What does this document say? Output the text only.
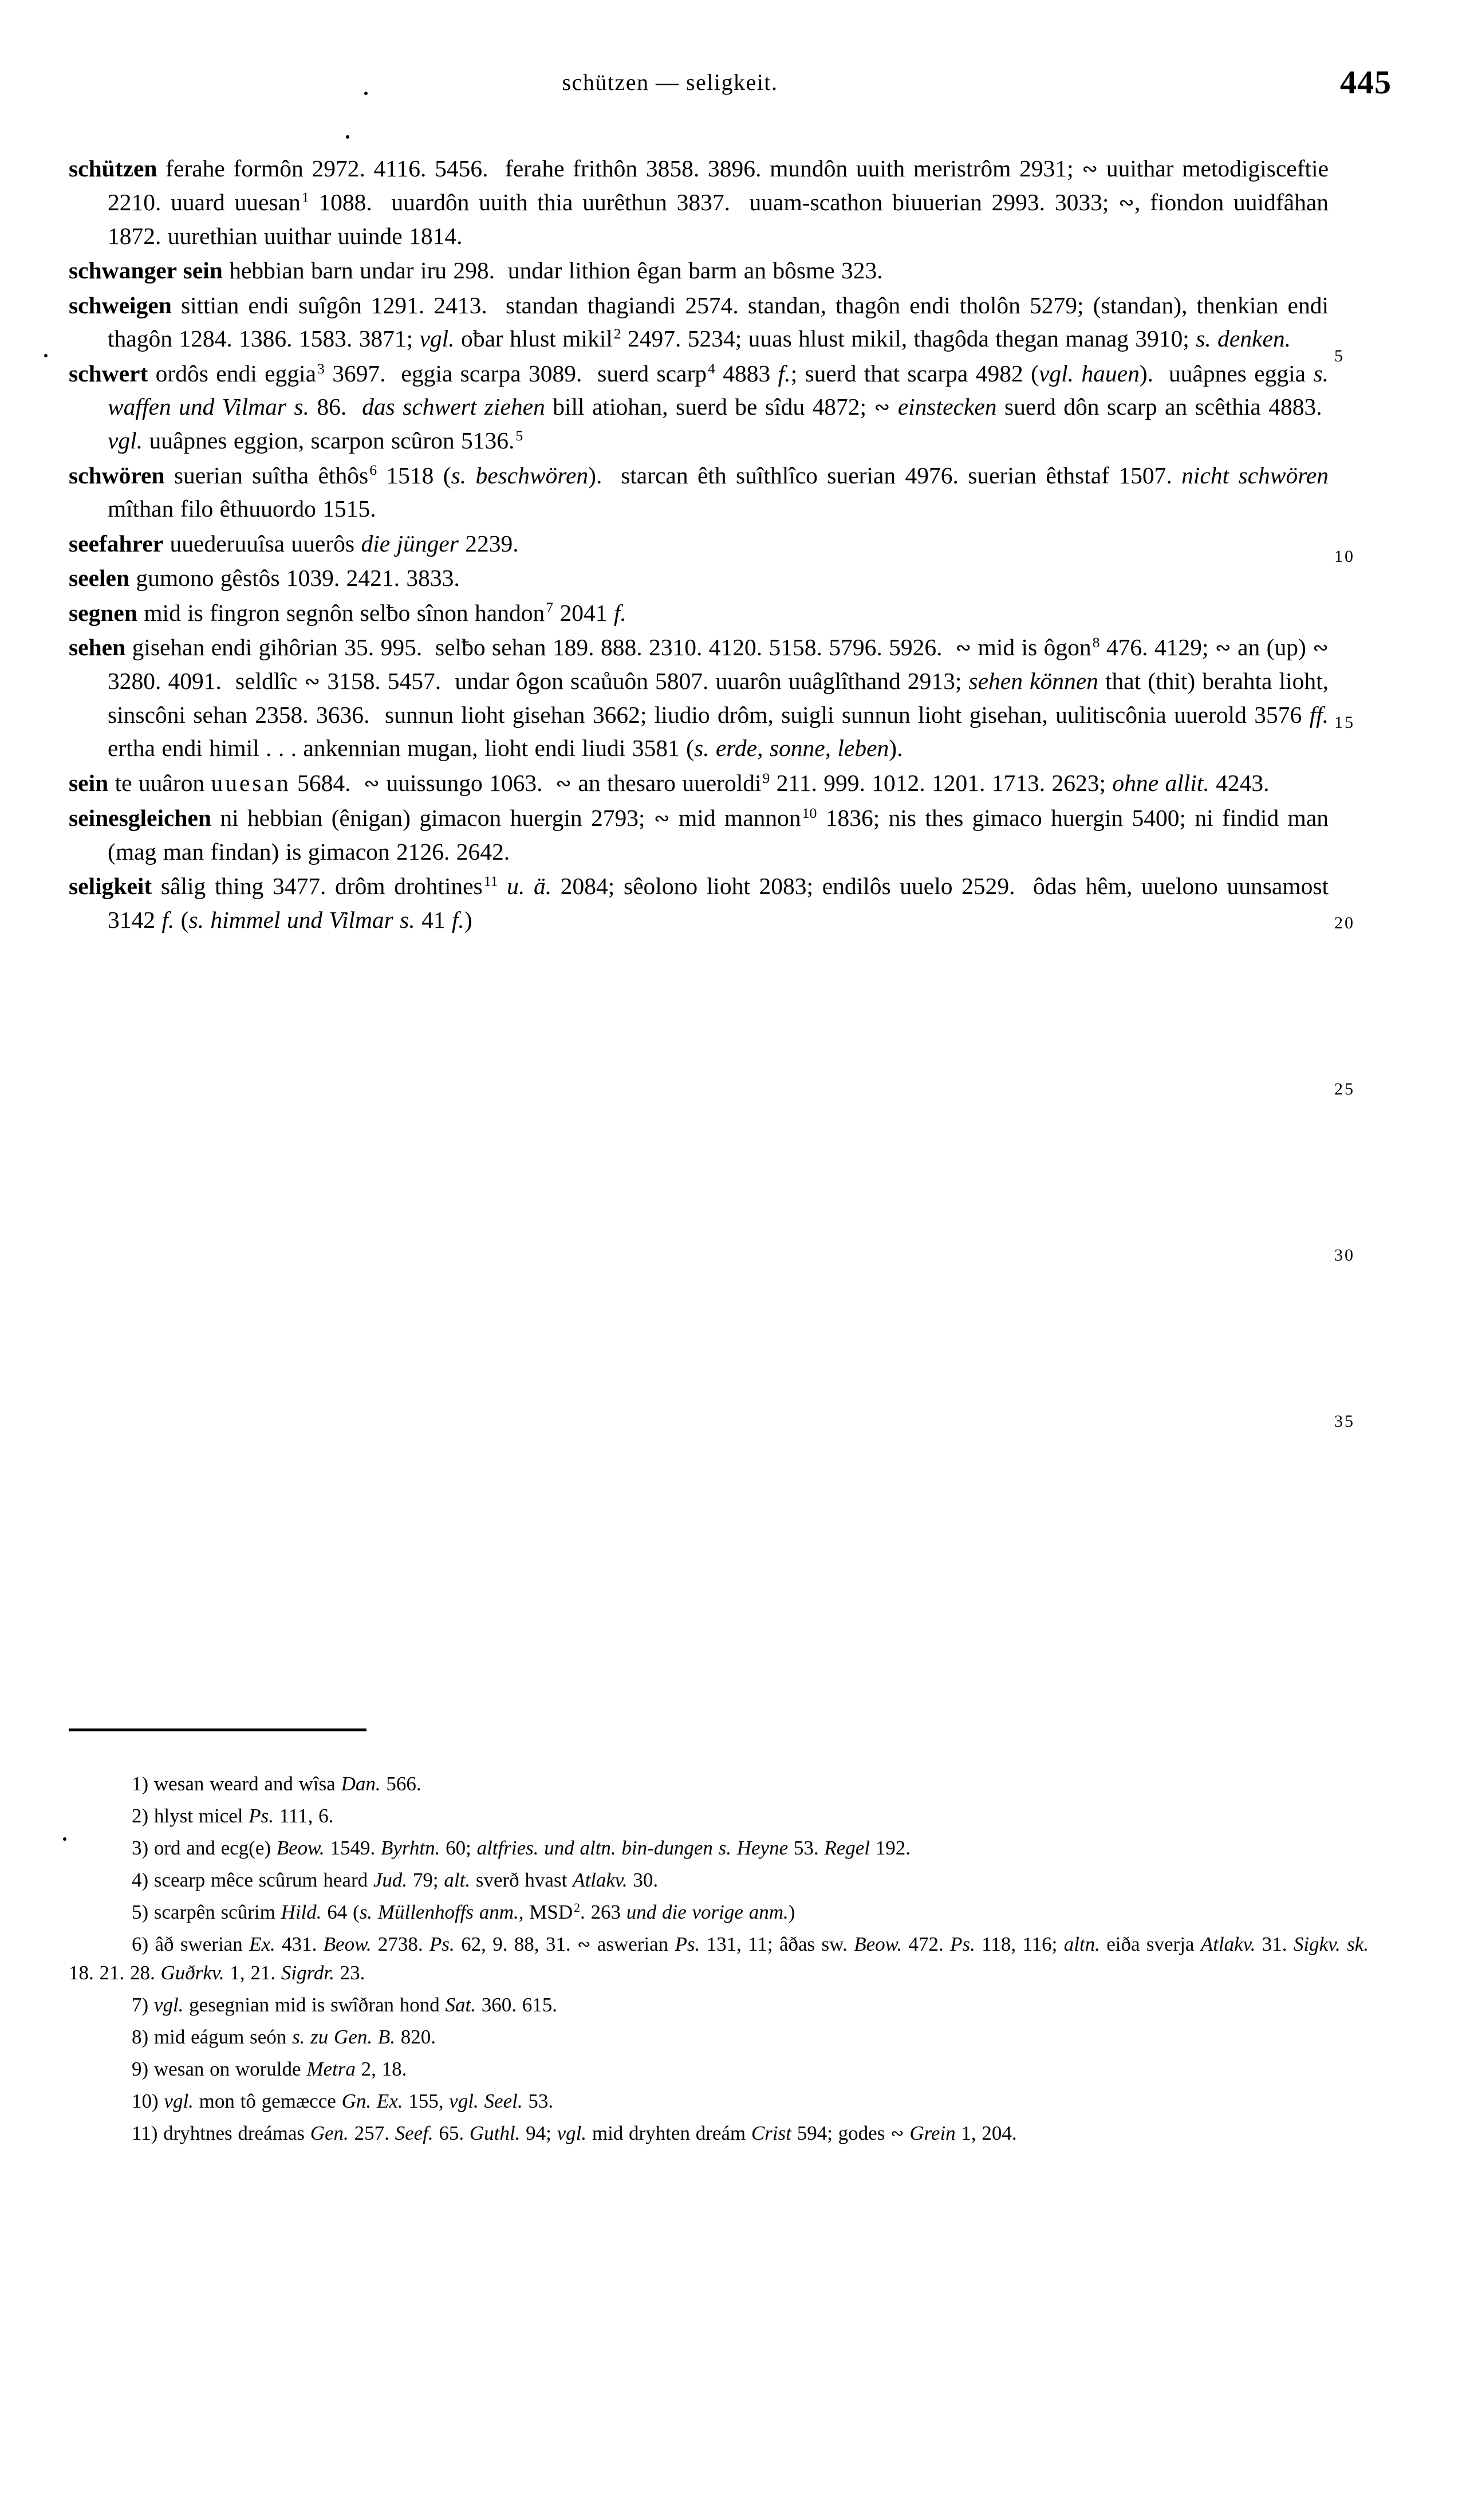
schützen — seligkeit.	445

schützen ferahe formôn 2972. 4116. 5456.  ferahe frithôn 3858. 3896. mundôn uuith meristrôm 2931; ∾ uuithar metodigisceftie 2210. uuard uuesan$^1$ 1088.  uuardôn uuith thia uurêthun 3837.  uuam-scathon biuuerian 2993. 3033; ∾, fiondon uuidfâhan 1872. uurethian uuithar uuinde 1814.

schwanger sein hebbian barn undar iru 298.  undar lithion êgan barm an bôsme 323.

schweigen sittian endi suîgôn 1291. 2413.  standan thagiandi 2574. standan, thagôn endi tholôn 5279; (standan), thenkian endi thagôn 1284. 1386. 1583. 3871; vgl. oƀar hlust mikil$^2$ 2497. 5234; uuas hlust mikil, thagôda thegan manag 3910; s. denken.

schwert ordôs endi eggia$^3$ 3697.  eggia scarpa 3089.  suerd scarp$^4$ 4883 f.; suerd that scarpa 4982 (vgl. hauen).  uuâpnes eggia s. waffen und Vilmar s. 86.  das schwert ziehen bill atiohan, suerd be sîdu 4872; ∾ einstecken suerd dôn scarp an scêthia 4883.  vgl. uuâpnes eggion, scarpon scûron 5136.$^5$

schwören suerian suîtha êthôs$^6$ 1518 (s. beschwören).  starcan êth suîthlîco suerian 4976. suerian êthstaf 1507. nicht schwören mîthan filo êthuuordo 1515.

seefahrer uuederuuîsa uuerôs die jünger 2239.

seelen gumono gêstôs 1039. 2421. 3833.

segnen mid is fingron segnôn selƀo sînon handon$^7$ 2041 f.

sehen gisehan endi gihôrian 35. 995.  selƀo sehan 189. 888. 2310. 4120. 5158. 5796. 5926.  ∾ mid is ôgon$^8$ 476. 4129; ∾ an (up) ∾ 3280. 4091.  seldlîc ∾ 3158. 5457.  undar ôgon scaůuôn 5807. uuarôn uuâglîthand 2913; sehen können that (thit) berahta lioht, sinscôni sehan 2358. 3636.  sunnun lioht gisehan 3662; liudio drôm, suigli sunnun lioht gisehan, uulitiscônia uuerold 3576 ff. ertha endi himil . . . ankennian mugan, lioht endi liudi 3581 (s. erde, sonne, leben).

sein te uuâron uuesan 5684.  ∾ uuissungo 1063.  ∾ an thesaro uueroldi$^9$ 211. 999. 1012. 1201. 1713. 2623; ohne allit. 4243.

seinesgleichen ni hebbian (ênigan) gimacon huergin 2793; ∾ mid mannon$^{10}$ 1836; nis thes gimaco huergin 5400; ni findid man (mag man findan) is gimacon 2126. 2642.

seligkeit sâlig thing 3477. drôm drohtines$^{11}$ u. ä. 2084; sêolono lioht 2083; endilôs uuelo 2529.  ôdas hêm, uuelono uunsamost 3142 f. (s. himmel und Vilmar s. 41 f.)

5
10
15
20
25
30
35

1) wesan weard and wîsa Dan. 566.

2) hlyst micel Ps. 111, 6.

3) ord and ecg(e) Beow. 1549. Byrhtn. 60; altfries. und altn. bin-dungen s. Heyne 53. Regel 192.

4) scearp mêce scûrum heard Jud. 79; alt. sverð hvast Atlakv. 30.

5) scarpên scûrim Hild. 64 (s. Müllenhoffs anm., MSD$^2$. 263 und die vorige anm.)

6) âð swerian Ex. 431. Beow. 2738. Ps. 62, 9. 88, 31. ∾ aswerian Ps. 131, 11; âðas sw. Beow. 472. Ps. 118, 116; altn. eiða sverja Atlakv. 31. Sigkv. sk. 18. 21. 28. Guðrkv. 1, 21. Sigrdr. 23.

7) vgl. gesegnian mid is swîðran hond Sat. 360. 615.

8) mid eágum seón s. zu Gen. B. 820.

9) wesan on worulde Metra 2, 18.

10) vgl. mon tô gemæcce Gn. Ex. 155, vgl. Seel. 53.

11) dryhtnes dreámas Gen. 257. Seef. 65. Guthl. 94; vgl. mid dryhten dreám Crist 594; godes ∾ Grein 1, 204.
